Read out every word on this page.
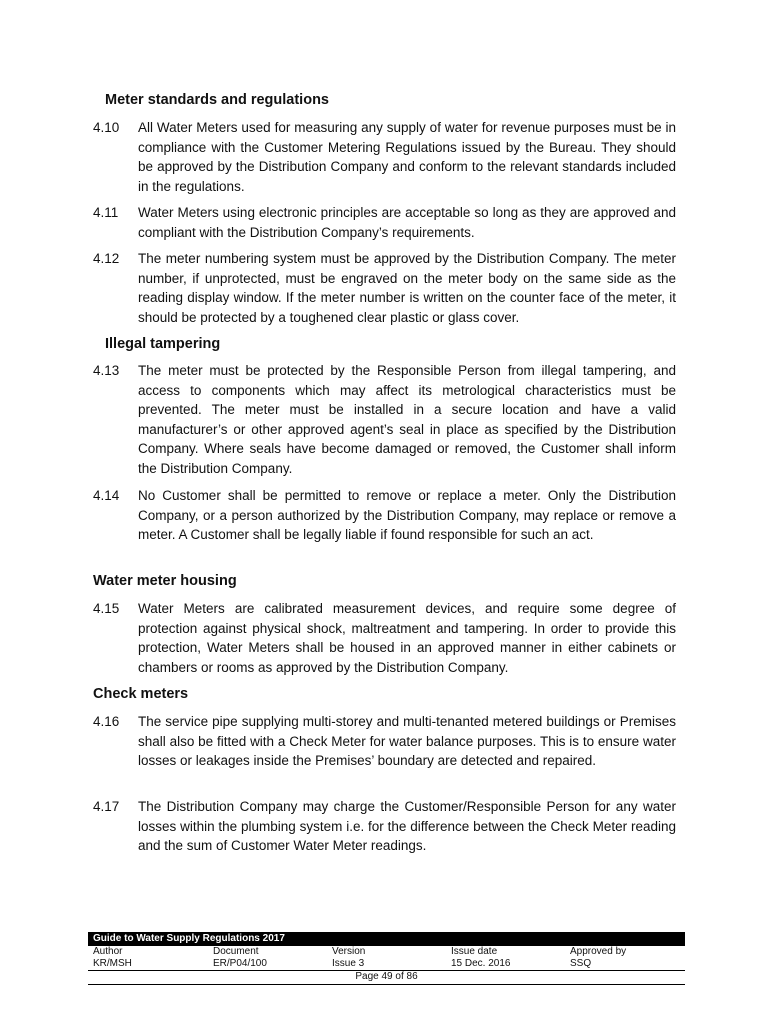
Meter standards and regulations
4.10 All Water Meters used for measuring any supply of water for revenue purposes must be in compliance with the Customer Metering Regulations issued by the Bureau. They should be approved by the Distribution Company and conform to the relevant standards included in the regulations.
4.11 Water Meters using electronic principles are acceptable so long as they are approved and compliant with the Distribution Company’s requirements.
4.12 The meter numbering system must be approved by the Distribution Company. The meter number, if unprotected, must be engraved on the meter body on the same side as the reading display window. If the meter number is written on the counter face of the meter, it should be protected by a toughened clear plastic or glass cover.
Illegal tampering
4.13 The meter must be protected by the Responsible Person from illegal tampering, and access to components which may affect its metrological characteristics must be prevented. The meter must be installed in a secure location and have a valid manufacturer’s or other approved agent’s seal in place as specified by the Distribution Company. Where seals have become damaged or removed, the Customer shall inform the Distribution Company.
4.14 No Customer shall be permitted to remove or replace a meter. Only the Distribution Company, or a person authorized by the Distribution Company, may replace or remove a meter. A Customer shall be legally liable if found responsible for such an act.
Water meter housing
4.15 Water Meters are calibrated measurement devices, and require some degree of protection against physical shock, maltreatment and tampering. In order to provide this protection, Water Meters shall be housed in an approved manner in either cabinets or chambers or rooms as approved by the Distribution Company.
Check meters
4.16 The service pipe supplying multi-storey and multi-tenanted metered buildings or Premises shall also be fitted with a Check Meter for water balance purposes. This is to ensure water losses or leakages inside the Premises’ boundary are detected and repaired.
4.17 The Distribution Company may charge the Customer/Responsible Person for any water losses within the plumbing system i.e. for the difference between the Check Meter reading and the sum of Customer Water Meter readings.
Guide to Water Supply Regulations 2017
Author	Document	Version	Issue date	Approved by
KR/MSH	ER/P04/100	Issue 3	15 Dec. 2016	SSQ
Page 49 of 86
